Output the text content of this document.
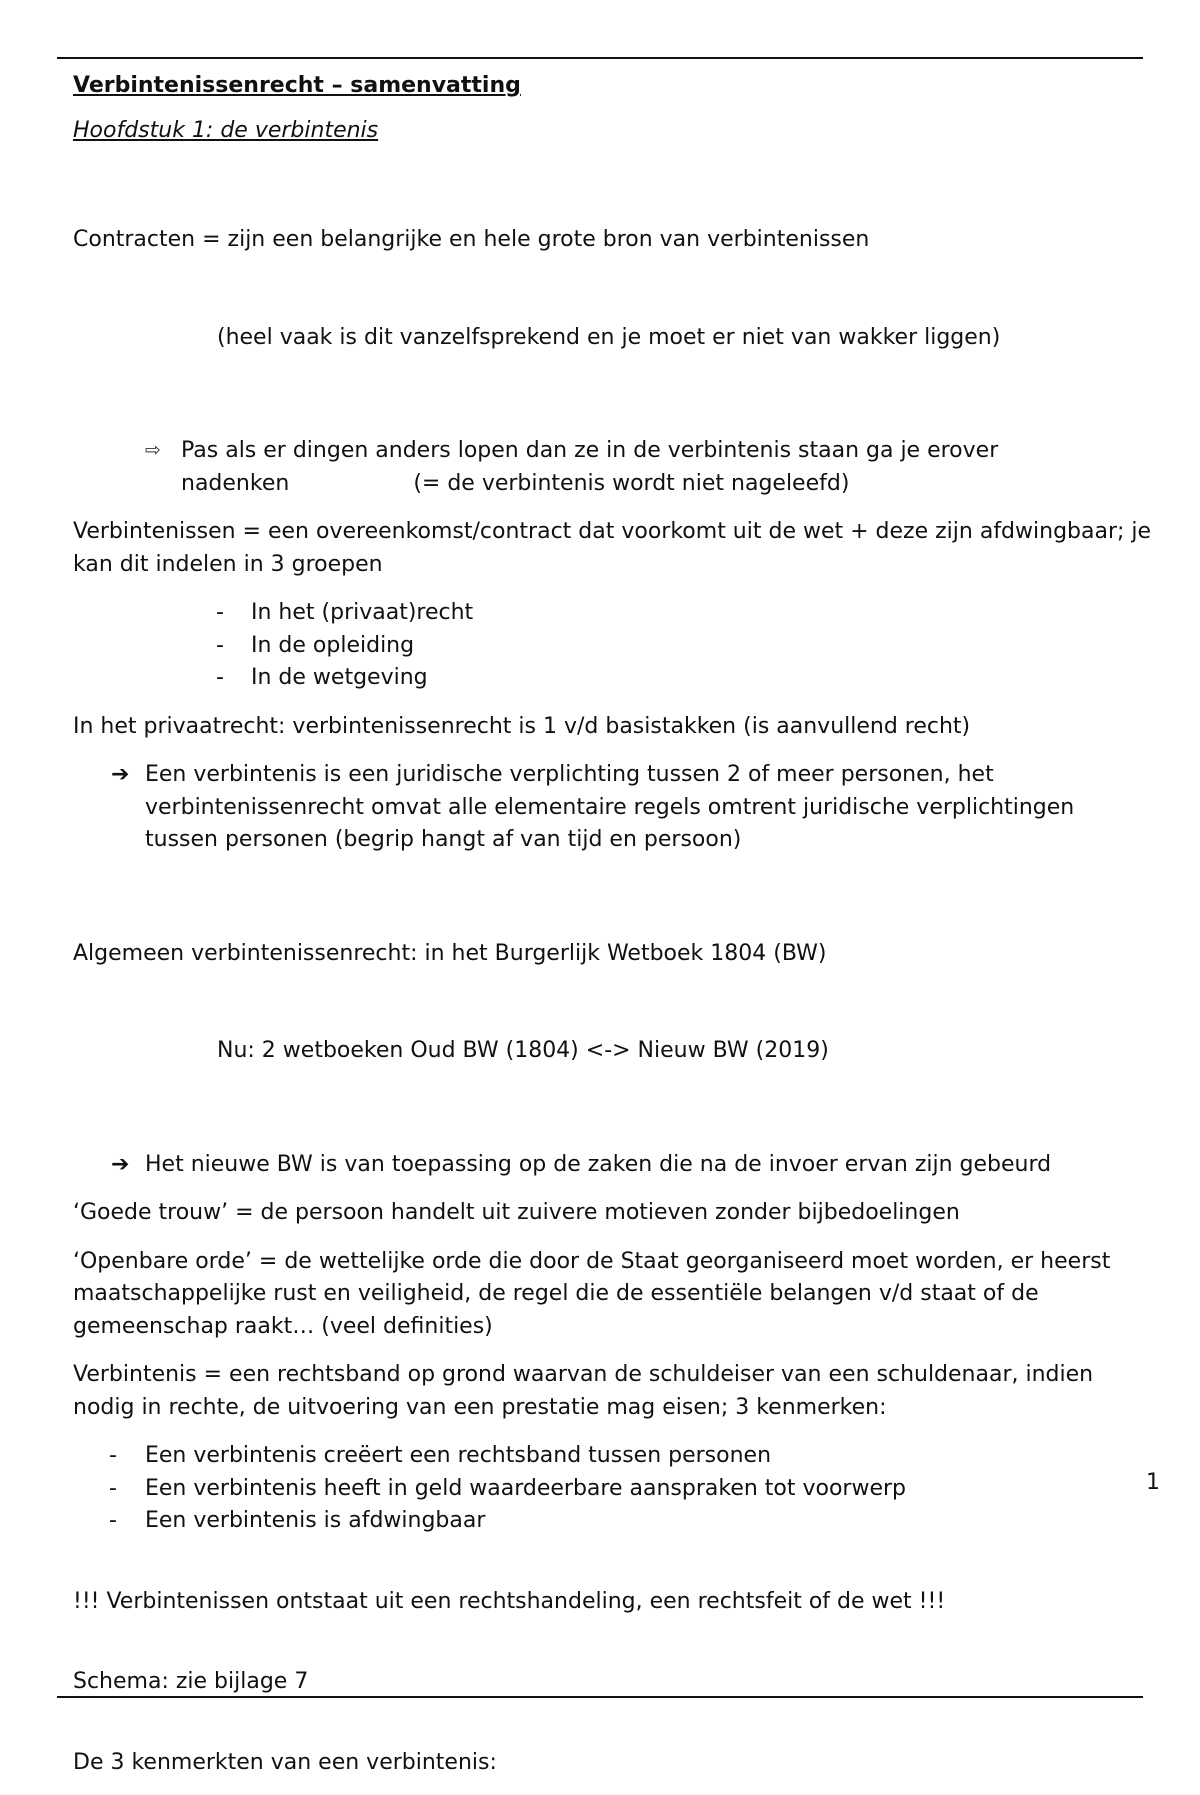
Verbintenissenrecht – samenvatting
Hoofdstuk 1: de verbintenis

Contracten = zijn een belangrijke en hele grote bron van verbintenissen

(heel vaak is dit vanzelfsprekend en je moet er niet van wakker liggen)

⇨ Pas als er dingen anders lopen dan ze in de verbintenis staan ga je erover
nadenken	(= de verbintenis wordt niet nageleefd)
Verbintenissen = een overeenkomst/contract dat voorkomt uit de wet + deze zijn afdwingbaar; je kan dit indelen in 3 groepen
- In het (privaat)recht
- In de opleiding
- In de wetgeving
In het privaatrecht: verbintenissenrecht is 1 v/d basistakken (is aanvullend recht)
➔ Een verbintenis is een juridische verplichting tussen 2 of meer personen, het verbintenissenrecht omvat alle elementaire regels omtrent juridische verplichtingen tussen personen (begrip hangt af van tijd en persoon)

Algemeen verbintenissenrecht: in het Burgerlijk Wetboek 1804 (BW)

Nu: 2 wetboeken Oud BW (1804) <-> Nieuw BW (2019)

➔ Het nieuwe BW is van toepassing op de zaken die na de invoer ervan zijn gebeurd
‘Goede trouw’ = de persoon handelt uit zuivere motieven zonder bijbedoelingen
‘Openbare orde’ = de wettelijke orde die door de Staat georganiseerd moet worden, er heerst maatschappelijke rust en veiligheid, de regel die de essentiële belangen v/d staat of de gemeenschap raakt… (veel definities)
Verbintenis = een rechtsband op grond waarvan de schuldeiser van een schuldenaar, indien nodig in rechte, de uitvoering van een prestatie mag eisen; 3 kenmerken:
- Een verbintenis creëert een rechtsband tussen personen
- Een verbintenis heeft in geld waardeerbare aanspraken tot voorwerp
- Een verbintenis is afdwingbaar
!!! Verbintenissen ontstaat uit een rechtshandeling, een rechtsfeit of de wet !!!
Schema: zie bijlage 7
De 3 kenmerkten van een verbintenis:
1
